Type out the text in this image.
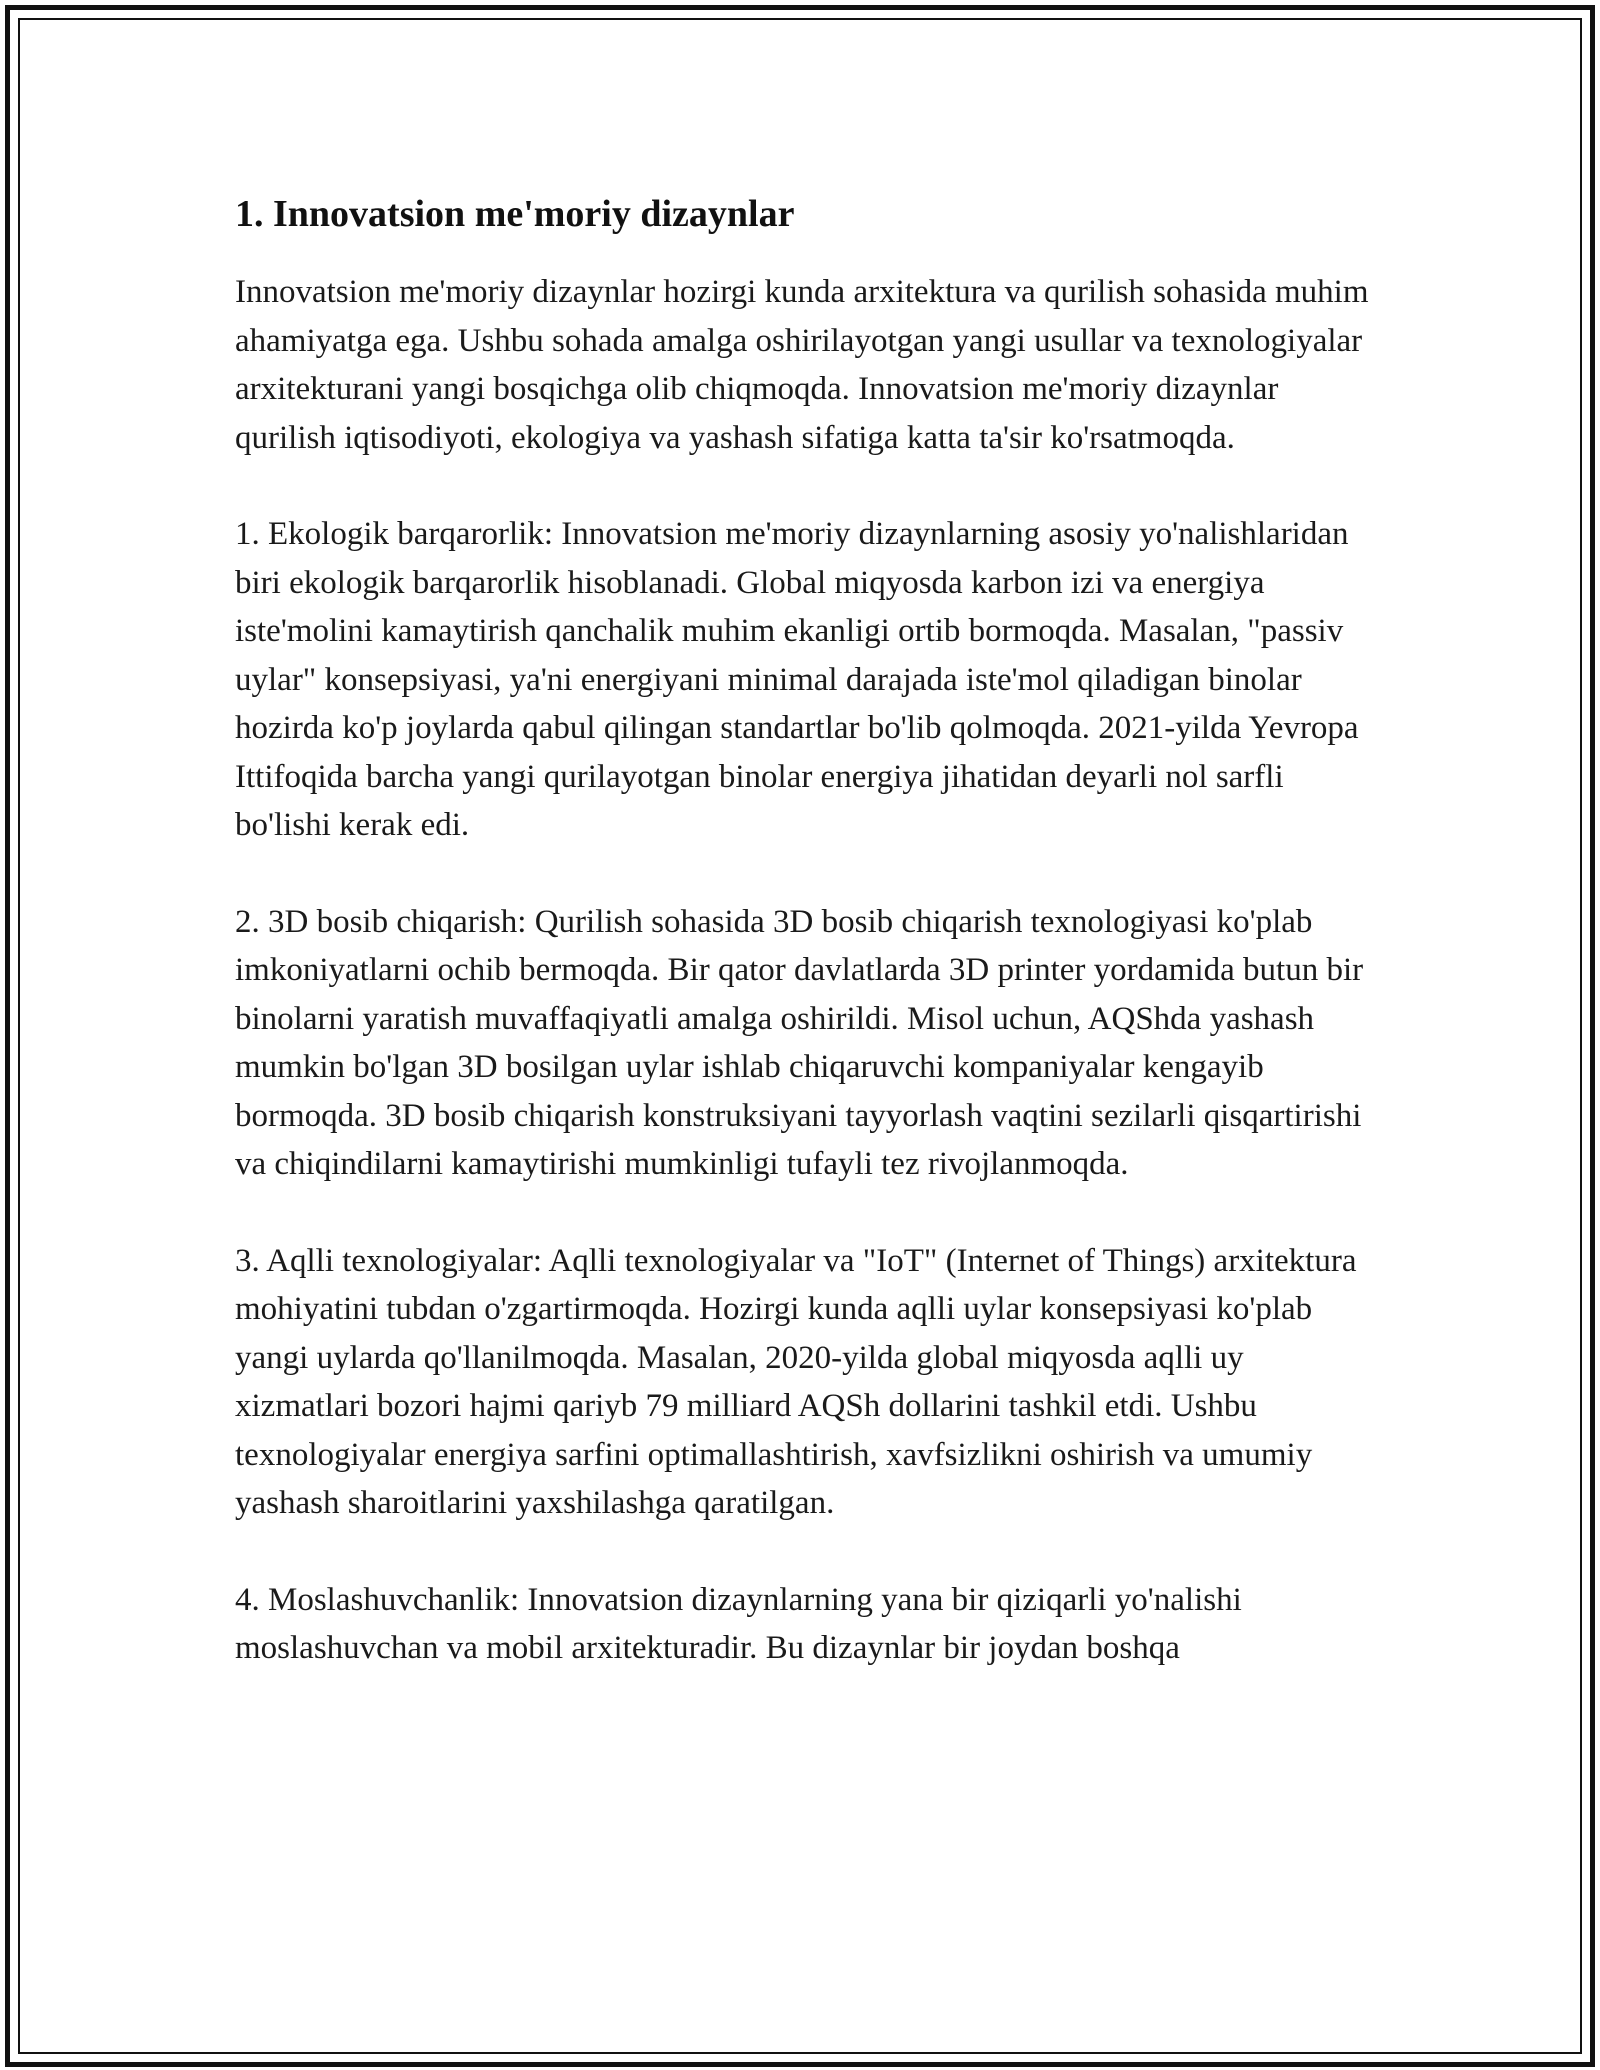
1. Innovatsion me'moriy dizaynlar

Innovatsion me'moriy dizaynlar hozirgi kunda arxitektura va qurilish sohasida muhim ahamiyatga ega. Ushbu sohada amalga oshirilayotgan yangi usullar va texnologiyalar arxitekturani yangi bosqichga olib chiqmoqda. Innovatsion me'moriy dizaynlar qurilish iqtisodiyoti, ekologiya va yashash sifatiga katta ta'sir ko'rsatmoqda.

1. Ekologik barqarorlik: Innovatsion me'moriy dizaynlarning asosiy yo'nalishlaridan biri ekologik barqarorlik hisoblanadi. Global miqyosda karbon izi va energiya iste'molini kamaytirish qanchalik muhim ekanligi ortib bormoqda. Masalan, "passiv uylar" konsepsiyasi, ya'ni energiyani minimal darajada iste'mol qiladigan binolar hozirda ko'p joylarda qabul qilingan standartlar bo'lib qolmoqda. 2021-yilda Yevropa Ittifoqida barcha yangi qurilayotgan binolar energiya jihatidan deyarli nol sarfli bo'lishi kerak edi.

2. 3D bosib chiqarish: Qurilish sohasida 3D bosib chiqarish texnologiyasi ko'plab imkoniyatlarni ochib bermoqda. Bir qator davlatlarda 3D printer yordamida butun bir binolarni yaratish muvaffaqiyatli amalga oshirildi. Misol uchun, AQShda yashash mumkin bo'lgan 3D bosilgan uylar ishlab chiqaruvchi kompaniyalar kengayib bormoqda. 3D bosib chiqarish konstruksiyani tayyorlash vaqtini sezilarli qisqartirishi va chiqindilarni kamaytirishi mumkinligi tufayli tez rivojlanmoqda.

3. Aqlli texnologiyalar: Aqlli texnologiyalar va "IoT" (Internet of Things) arxitektura mohiyatini tubdan o'zgartirmoqda. Hozirgi kunda aqlli uylar konsepsiyasi ko'plab yangi uylarda qo'llanilmoqda. Masalan, 2020-yilda global miqyosda aqlli uy xizmatlari bozori hajmi qariyb 79 milliard AQSh dollarini tashkil etdi. Ushbu texnologiyalar energiya sarfini optimallashtirish, xavfsizlikni oshirish va umumiy yashash sharoitlarini yaxshilashga qaratilgan.

4. Moslashuvchanlik: Innovatsion dizaynlarning yana bir qiziqarli yo'nalishi moslashuvchan va mobil arxitekturadir. Bu dizaynlar bir joydan boshqa
